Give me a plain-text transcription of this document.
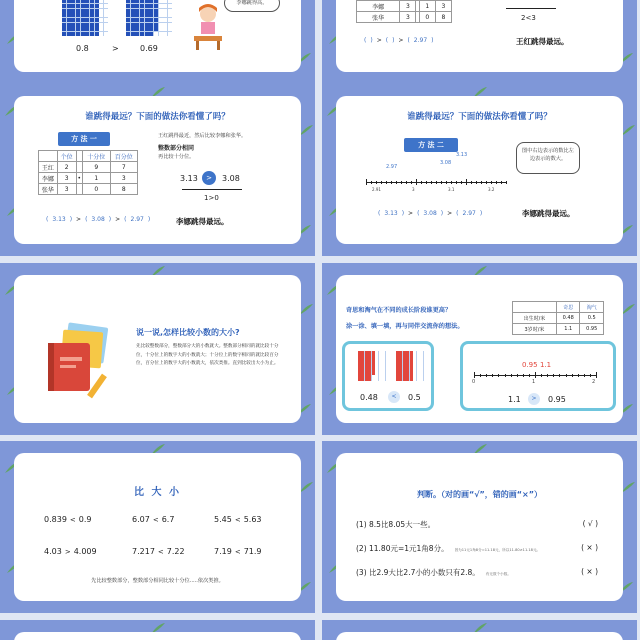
0.8	>	0.69
李娜跳得高。
李娜	3		1	3
张华	3		0	8	2<3
( ) > ( ) > ( 2.97 )	王红跳得最远。
谁跳得最远？下面的做法你看懂了吗？
方 法 一
	个位		十分位	百分位
王红	2		9	7
李娜	3	•	1	3
张华	3		0	8
王红跳得最近，然后比较李娜和张华。
整数部分相同
再比较十分位。
3.13	>	3.08
1>0
( 3.13 ) > ( 3.08 ) > ( 2.97 )	李娜跳得最远。
谁跳得最远？下面的做法你看懂了吗？
方 法 二
图中右边表示的数比左边表示的数大。
2.97
3.08
3.13
2.91	3	3.1	3.2
( 3.13 ) > ( 3.08 ) > ( 2.97 )	李娜跳得最远。
说一说,怎样比较小数的大小?
先比较整数部分，整数部分大的小数就大。整数部分相同的就比较十分位，十分位上的数字大的小数就大；十分位上的数字相同的就比较百分位，百分位上的数字大的小数就大，依次类推。直到比较出大小为止。
奇思和淘气在不同的成长阶段谁更高？
涂一涂、填一填，再与同伴交流你的想法。
	奇思	淘气
出生时/米	0.48	0.5
3岁时/米	1.1	0.95
0.48	<	0.5
0.95 1.1
0	1	2
1.1	>	0.95
比 大 小
0.839 < 0.9	6.07 < 6.7	5.45 < 5.63
4.03 > 4.009	7.217 < 7.22	7.19 < 71.9
先比较整数部分，整数部分相同比较十分位.....依次类推。
判断。（对的画“√”，错的画“×”）
(1) 8.5比8.05大一些。	( √ )
(2) 11.80元=1元1角8分。 因为11元1角8分=11.18元，所以11.80≠11.18元。	( × )
(3) 比2.9大比2.7小的小数只有2.8。 有无数个小数。	( × )
